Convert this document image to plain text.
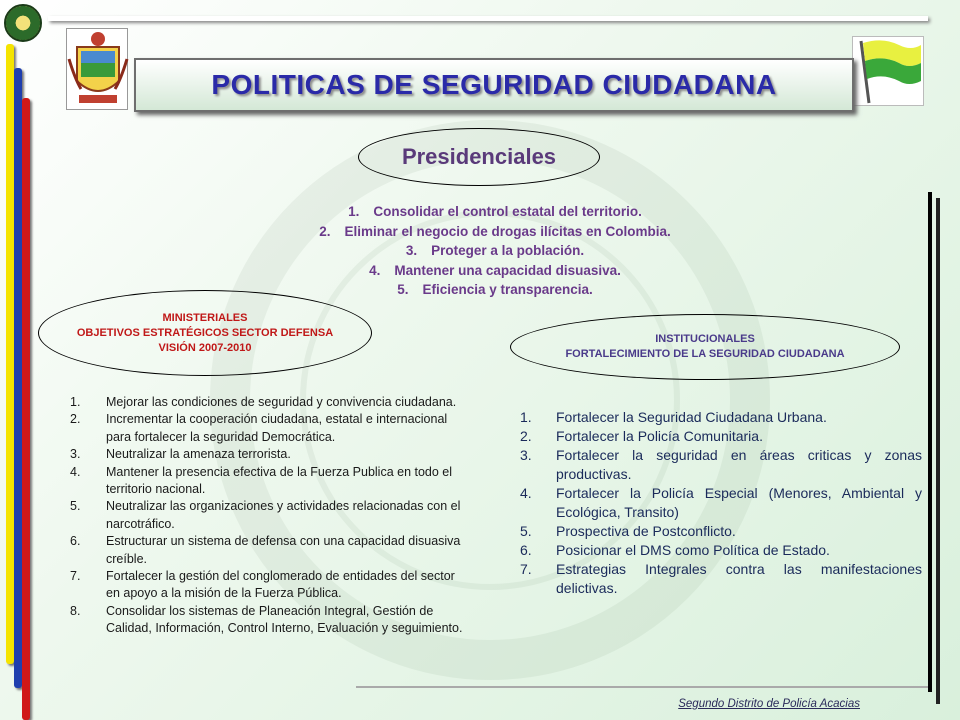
POLITICAS DE SEGURIDAD CIUDADANA
Presidenciales
1. Consolidar el control estatal del territorio.
2. Eliminar el negocio de drogas ilícitas en Colombia.
3. Proteger a la población.
4. Mantener una capacidad disuasiva.
5. Eficiencia y transparencia.
MINISTERIALES
OBJETIVOS ESTRATÉGICOS SECTOR DEFENSA
VISIÓN 2007-2010
INSTITUCIONALES
FORTALECIMIENTO DE LA SEGURIDAD CIUDADANA
1.	Mejorar las condiciones de seguridad y convivencia ciudadana.
2.	Incrementar la cooperación ciudadana, estatal e internacional para fortalecer la seguridad Democrática.
3.	Neutralizar la amenaza terrorista.
4.	Mantener la presencia efectiva de la Fuerza Publica en todo el territorio nacional.
5.	Neutralizar las organizaciones y actividades relacionadas con el narcotráfico.
6.	Estructurar un sistema de defensa con una capacidad disuasiva creíble.
7.	Fortalecer la gestión del conglomerado de entidades del sector en apoyo a la misión de la Fuerza Pública.
8.	Consolidar los sistemas de Planeación Integral, Gestión de Calidad, Información, Control Interno, Evaluación y seguimiento.
1.	Fortalecer la Seguridad Ciudadana Urbana.
2.	Fortalecer la Policía Comunitaria.
3.	Fortalecer la seguridad en áreas criticas y zonas productivas.
4.	Fortalecer la Policía Especial (Menores, Ambiental y Ecológica, Transito)
5.	Prospectiva de Postconflicto.
6.	Posicionar el DMS como Política de Estado.
7.	Estrategias Integrales contra las manifestaciones delictivas.
Segundo Distrito de Policía Acacias
